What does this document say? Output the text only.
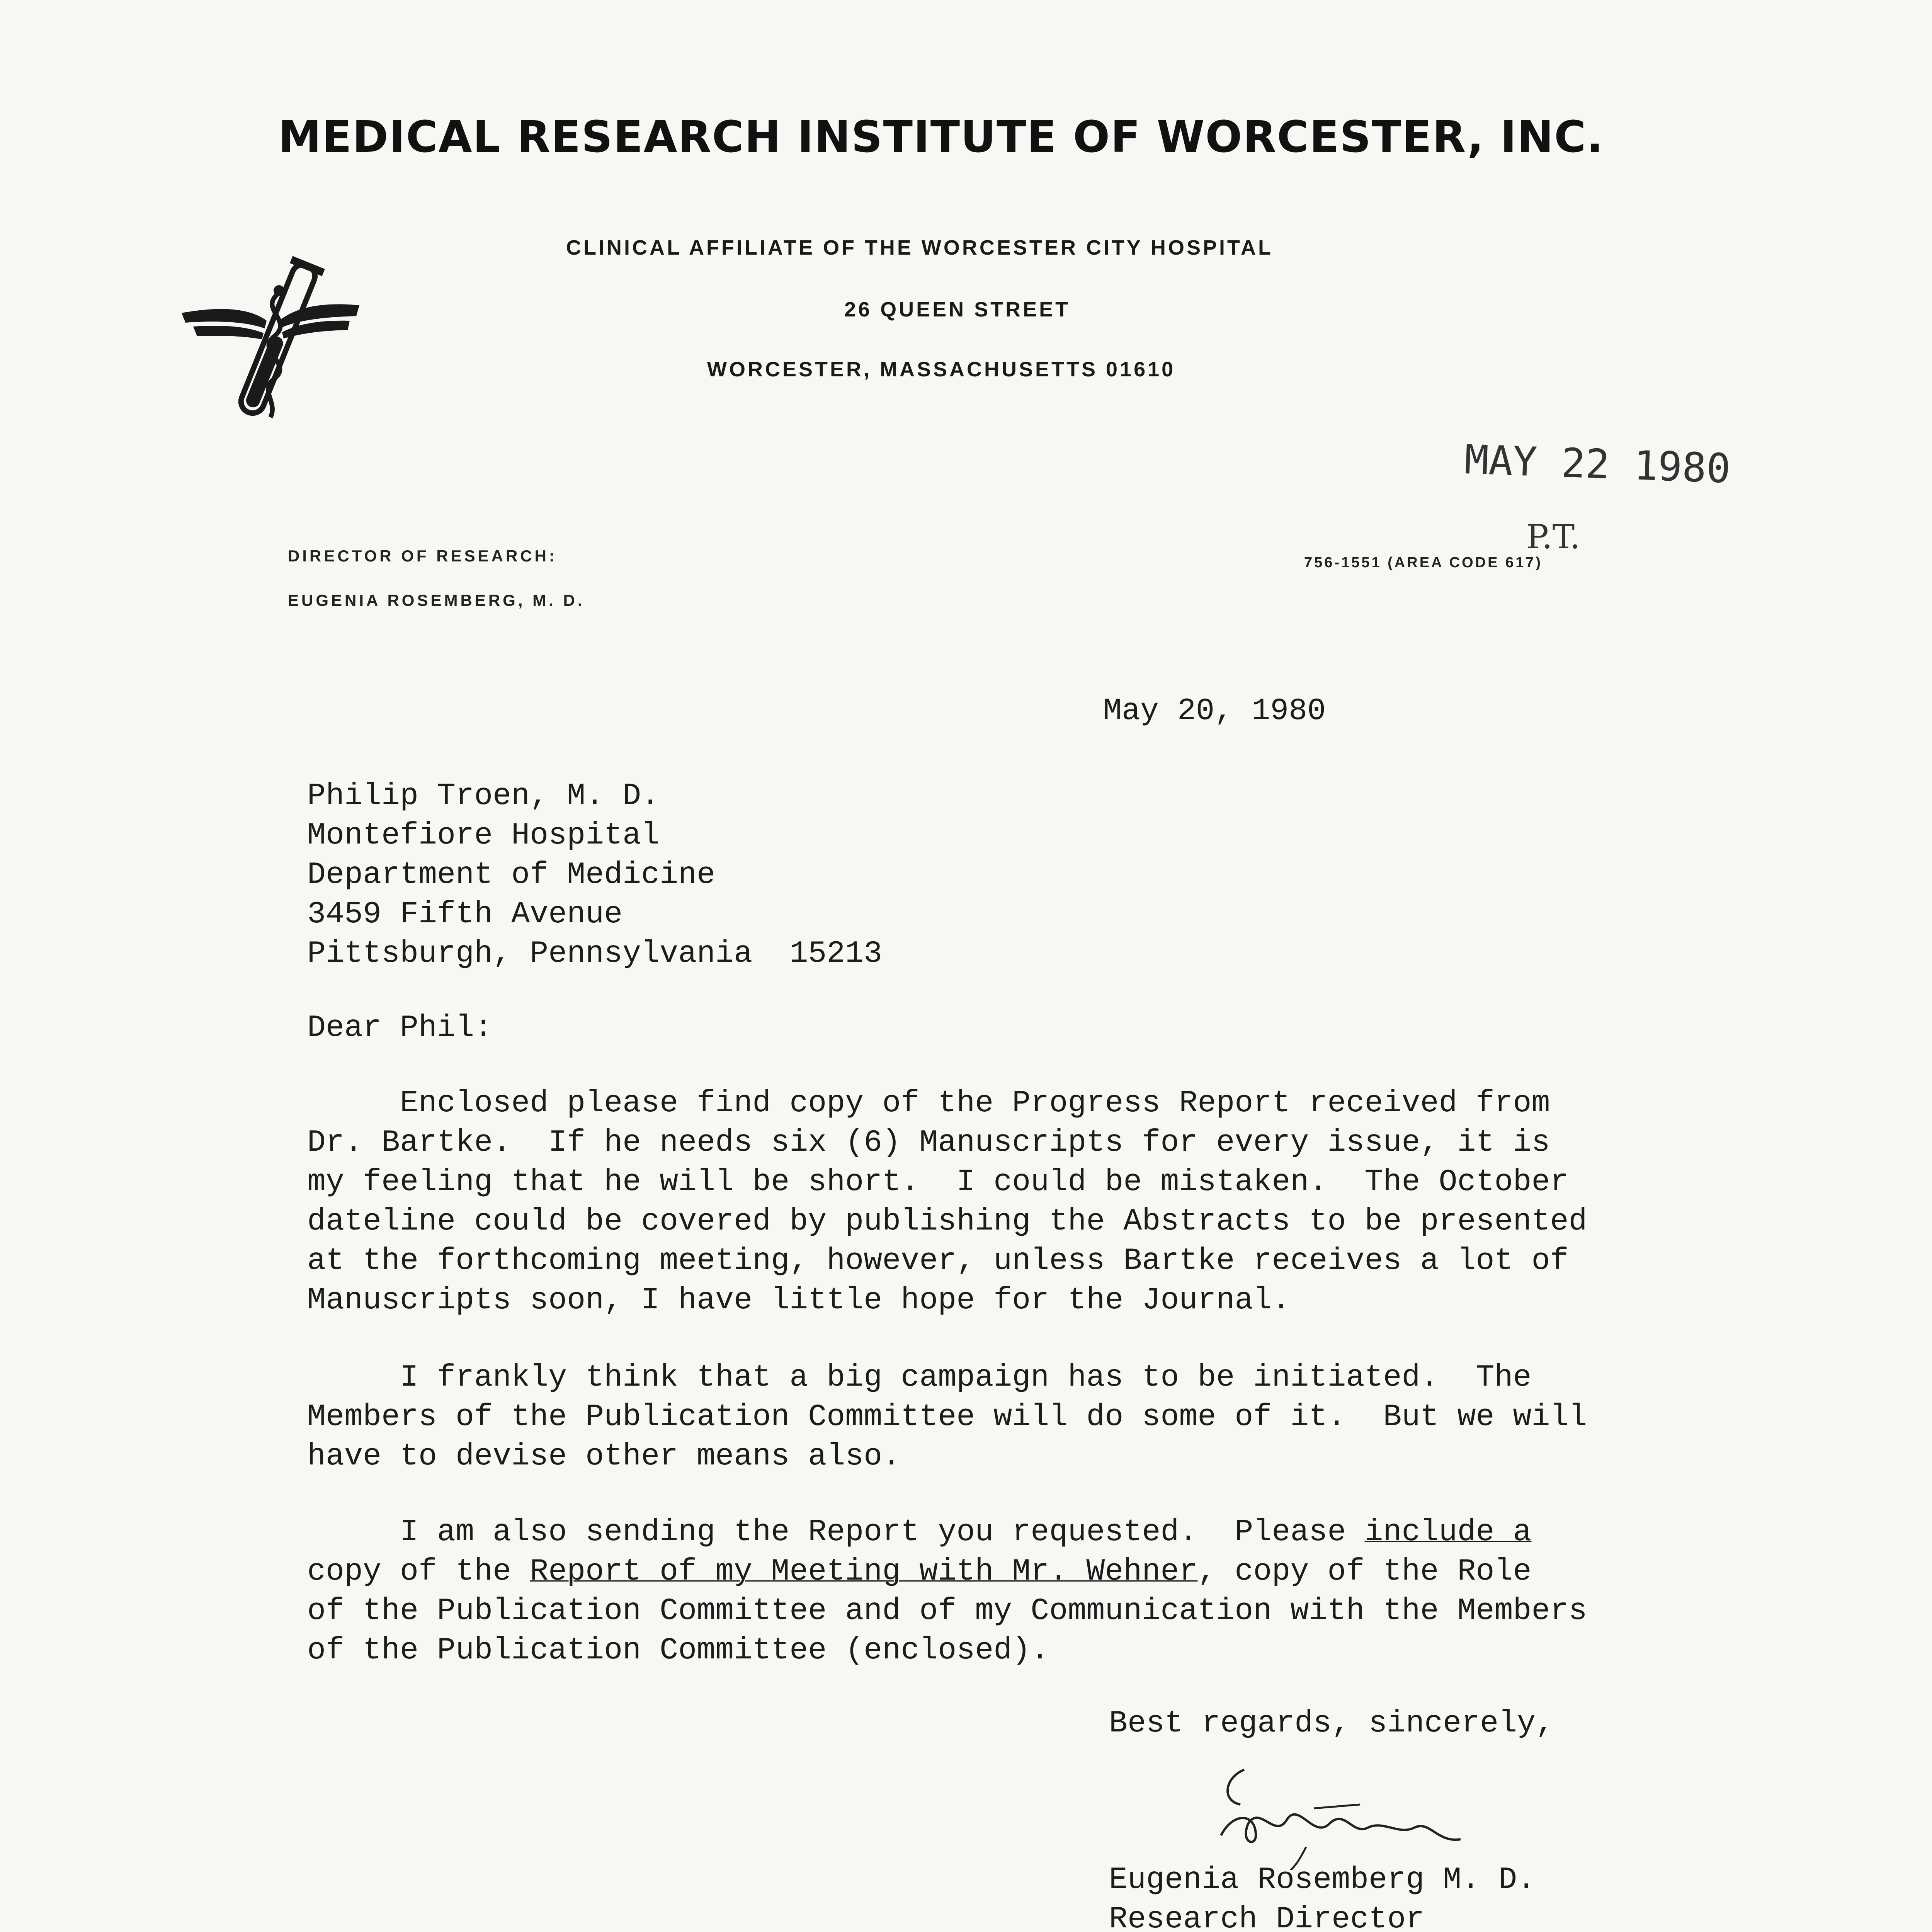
MEDICAL RESEARCH INSTITUTE OF WORCESTER, INC.
CLINICAL AFFILIATE OF THE WORCESTER CITY HOSPITAL
26 QUEEN STREET
WORCESTER, MASSACHUSETTS 01610
MAY 22 1980
P.T.
DIRECTOR OF RESEARCH:
EUGENIA ROSEMBERG, M. D.
756-1551 (AREA CODE 617)
May 20, 1980
Philip Troen, M. D.
Montefiore Hospital
Department of Medicine
3459 Fifth Avenue
Pittsburgh, Pennsylvania  15213
Dear Phil:
Enclosed please find copy of the Progress Report received from
Dr. Bartke.  If he needs six (6) Manuscripts for every issue, it is
my feeling that he will be short.  I could be mistaken.  The October
dateline could be covered by publishing the Abstracts to be presented
at the forthcoming meeting, however, unless Bartke receives a lot of
Manuscripts soon, I have little hope for the Journal.
I frankly think that a big campaign has to be initiated.  The
Members of the Publication Committee will do some of it.  But we will
have to devise other means also.
I am also sending the Report you requested.  Please include a
copy of the Report of my Meeting with Mr. Wehner, copy of the Role
of the Publication Committee and of my Communication with the Members
of the Publication Committee (enclosed).
Best regards, sincerely,
Eugenia Rosemberg M. D.
Research Director
